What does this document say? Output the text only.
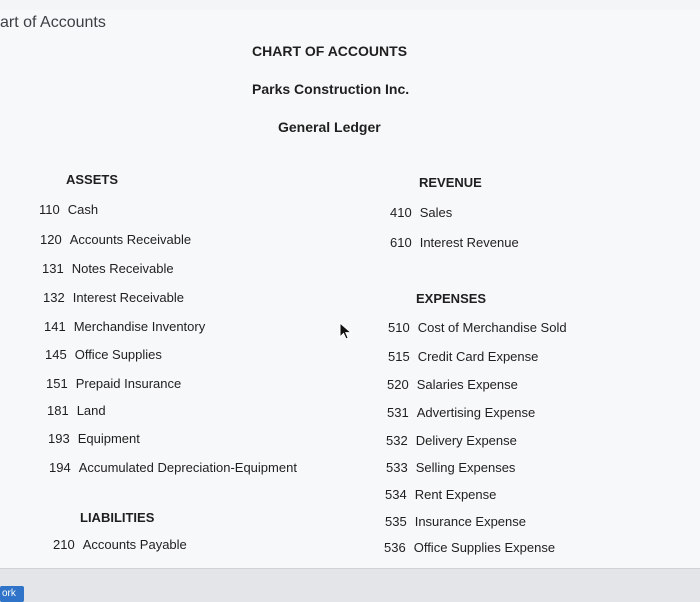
art of Accounts
CHART OF ACCOUNTS
Parks Construction Inc.
General Ledger
ASSETS
110 Cash
120 Accounts Receivable
131 Notes Receivable
132 Interest Receivable
141 Merchandise Inventory
145 Office Supplies
151 Prepaid Insurance
181 Land
193 Equipment
194 Accumulated Depreciation-Equipment
LIABILITIES
210 Accounts Payable
REVENUE
410 Sales
610 Interest Revenue
EXPENSES
510 Cost of Merchandise Sold
515 Credit Card Expense
520 Salaries Expense
531 Advertising Expense
532 Delivery Expense
533 Selling Expenses
534 Rent Expense
535 Insurance Expense
536 Office Supplies Expense
ork
